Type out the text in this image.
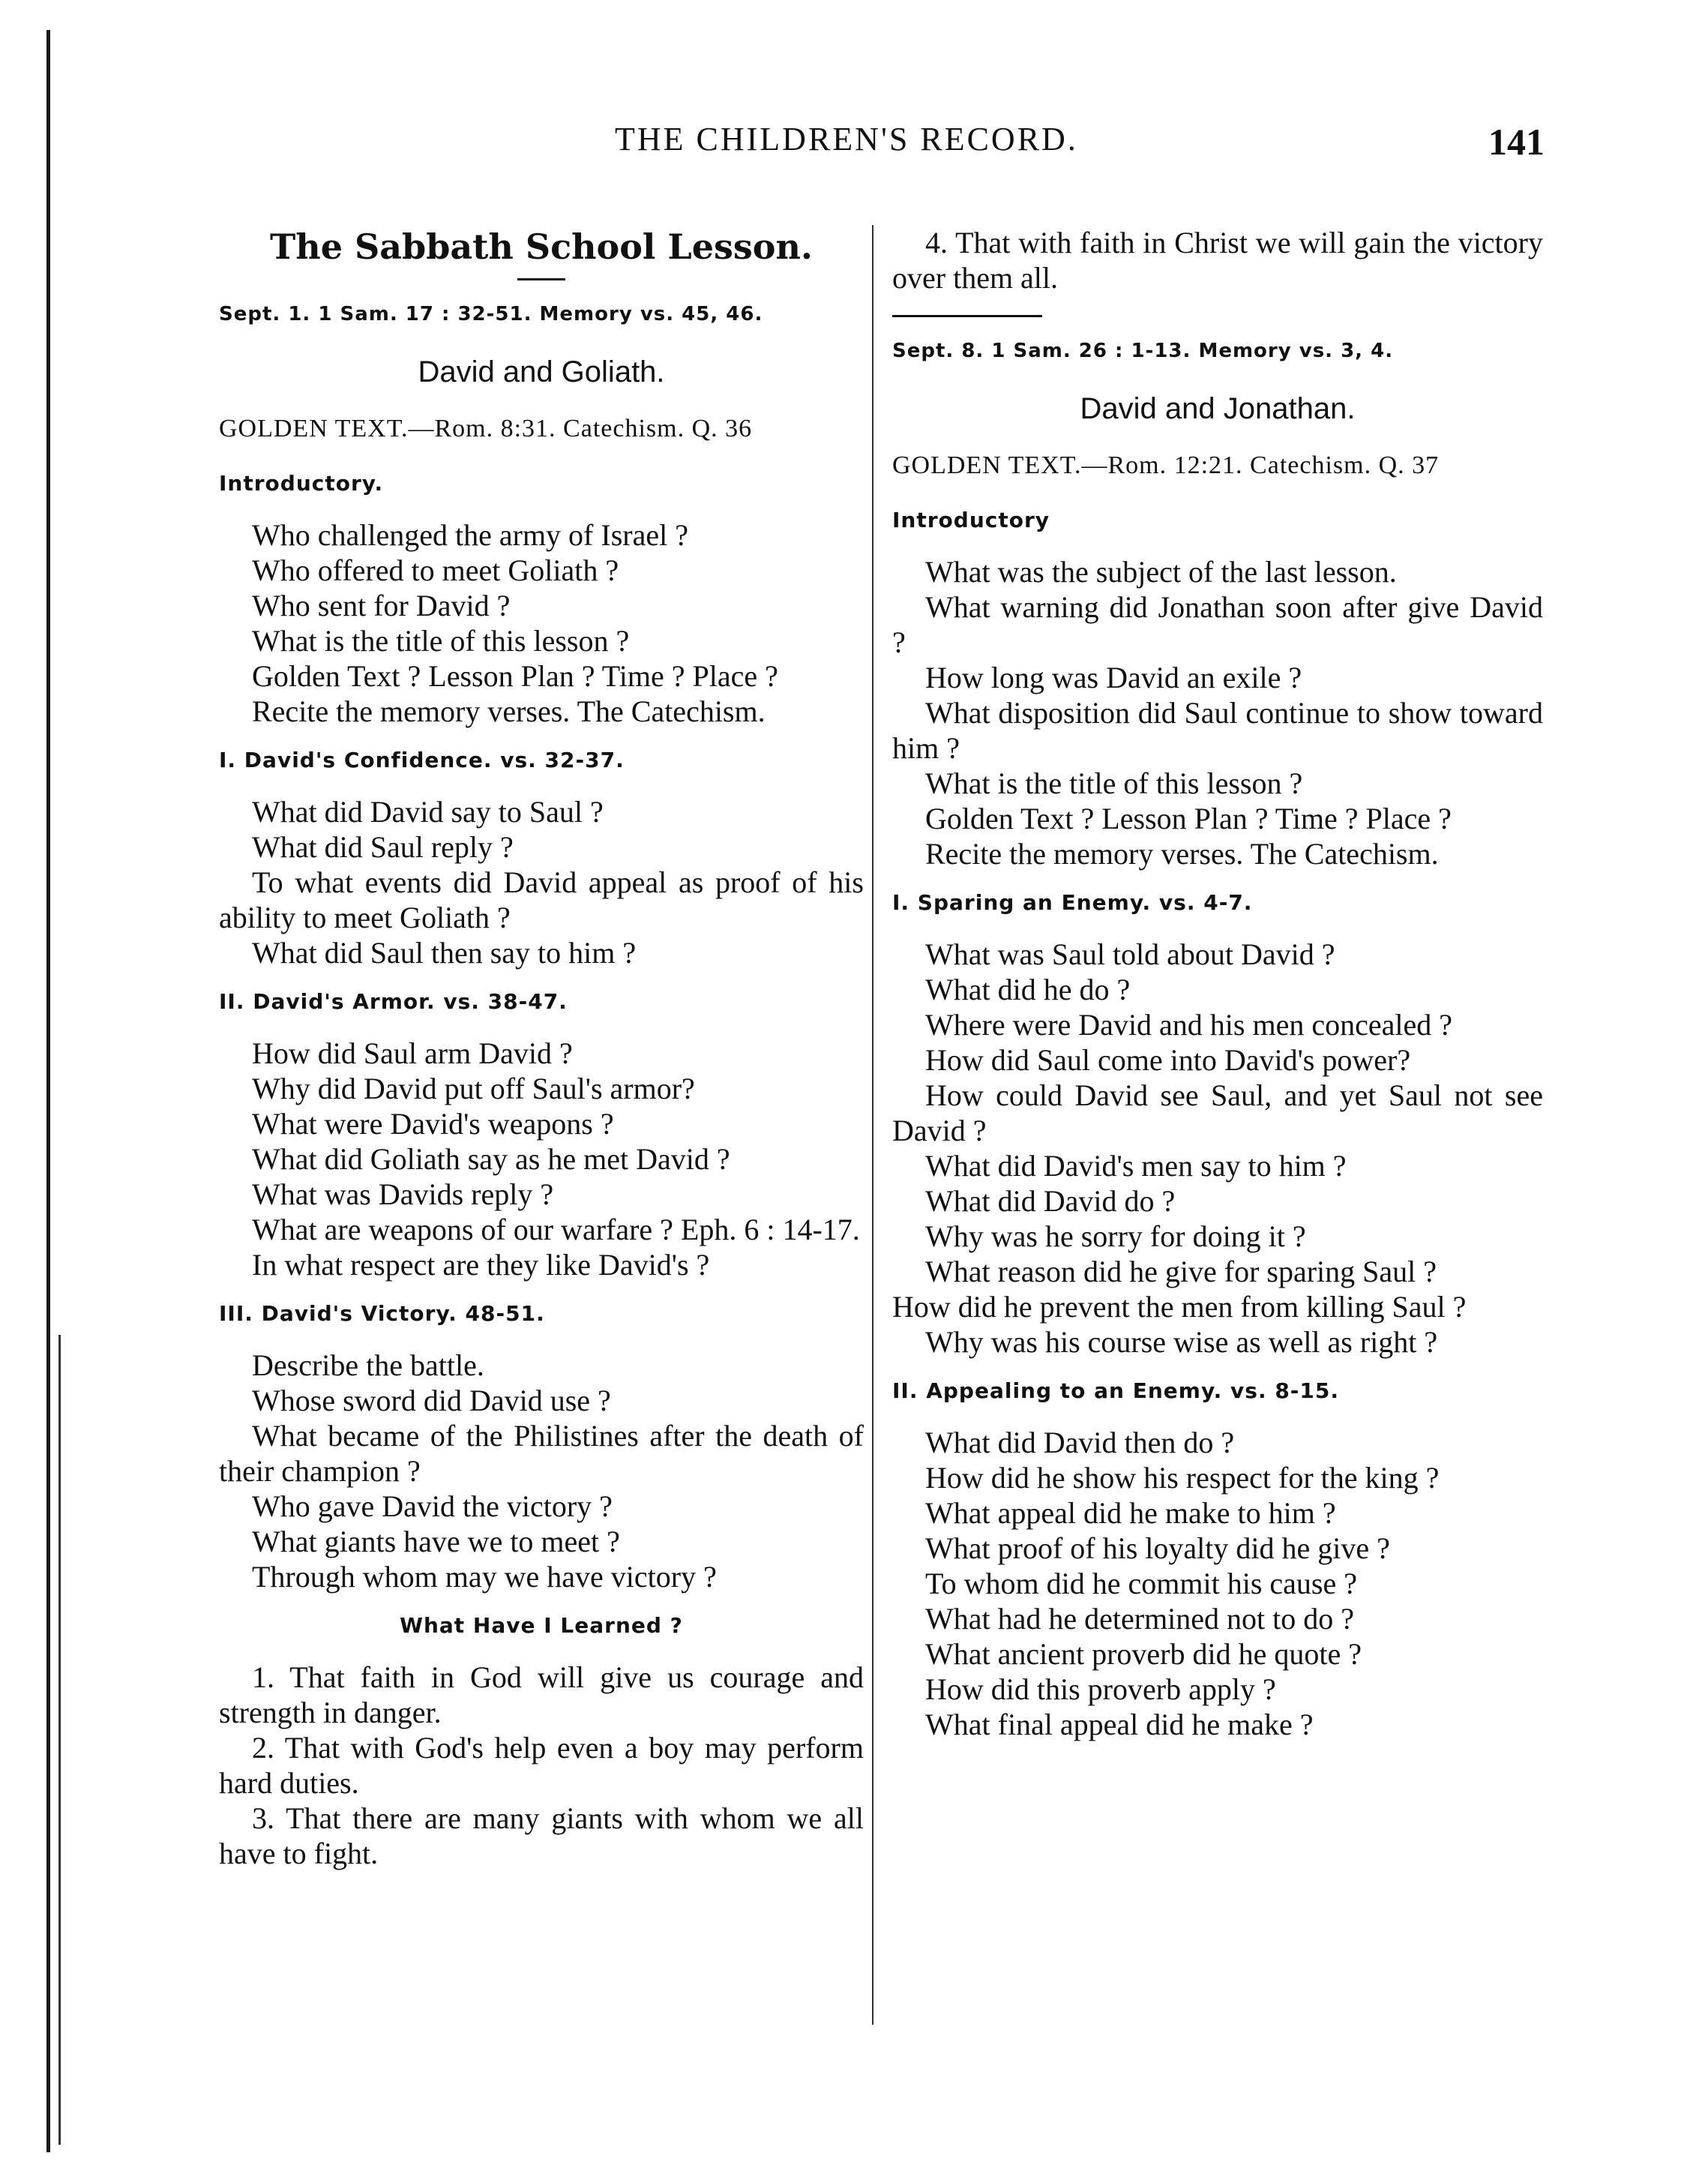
THE CHILDREN'S RECORD.	141
The Sabbath School Lesson.
Sept. 1. 1 Sam. 17 : 32-51. Memory vs. 45, 46.
David and Goliath.
GOLDEN TEXT.—Rom. 8:31. Catechism. Q. 36
Introductory.

Who challenged the army of Israel ?

Who offered to meet Goliath ?

Who sent for David ?

What is the title of this lesson ?

Golden Text ? Lesson Plan ? Time ? Place ?

Recite the memory verses. The Catechism.

I. David's Confidence. vs. 32-37.

What did David say to Saul ?

What did Saul reply ?

To what events did David appeal as proof of his ability to meet Goliath ?

What did Saul then say to him ?

II. David's Armor. vs. 38-47.

How did Saul arm David ?

Why did David put off Saul's armor?

What were David's weapons ?

What did Goliath say as he met David ?

What was Davids reply ?

What are weapons of our warfare ? Eph. 6 : 14-17.

In what respect are they like David's ?

III. David's Victory. 48-51.

Describe the battle.

Whose sword did David use ?

What became of the Philistines after the death of their champion ?

Who gave David the victory ?

What giants have we to meet ?

Through whom may we have victory ?

What Have I Learned ?

1. That faith in God will give us courage and strength in danger.

2. That with God's help even a boy may perform hard duties.

3. That there are many giants with whom we all have to fight.

4. That with faith in Christ we will gain the victory over them all.

Sept. 8. 1 Sam. 26 : 1-13. Memory vs. 3, 4.
David and Jonathan.
GOLDEN TEXT.—Rom. 12:21. Catechism. Q. 37
Introductory

What was the subject of the last lesson.

What warning did Jonathan soon after give David ?

How long was David an exile ?

What disposition did Saul continue to show toward him ?

What is the title of this lesson ?

Golden Text ? Lesson Plan ? Time ? Place ?

Recite the memory verses. The Catechism.

I. Sparing an Enemy. vs. 4-7.

What was Saul told about David ?

What did he do ?

Where were David and his men concealed ?

How did Saul come into David's power?

How could David see Saul, and yet Saul not see David ?

What did David's men say to him ?

What did David do ?

Why was he sorry for doing it ?

What reason did he give for sparing Saul ?

How did he prevent the men from killing Saul ?

Why was his course wise as well as right ?

II. Appealing to an Enemy. vs. 8-15.

What did David then do ?

How did he show his respect for the king ?

What appeal did he make to him ?

What proof of his loyalty did he give ?

To whom did he commit his cause ?

What had he determined not to do ?

What ancient proverb did he quote ?

How did this proverb apply ?

What final appeal did he make ?
